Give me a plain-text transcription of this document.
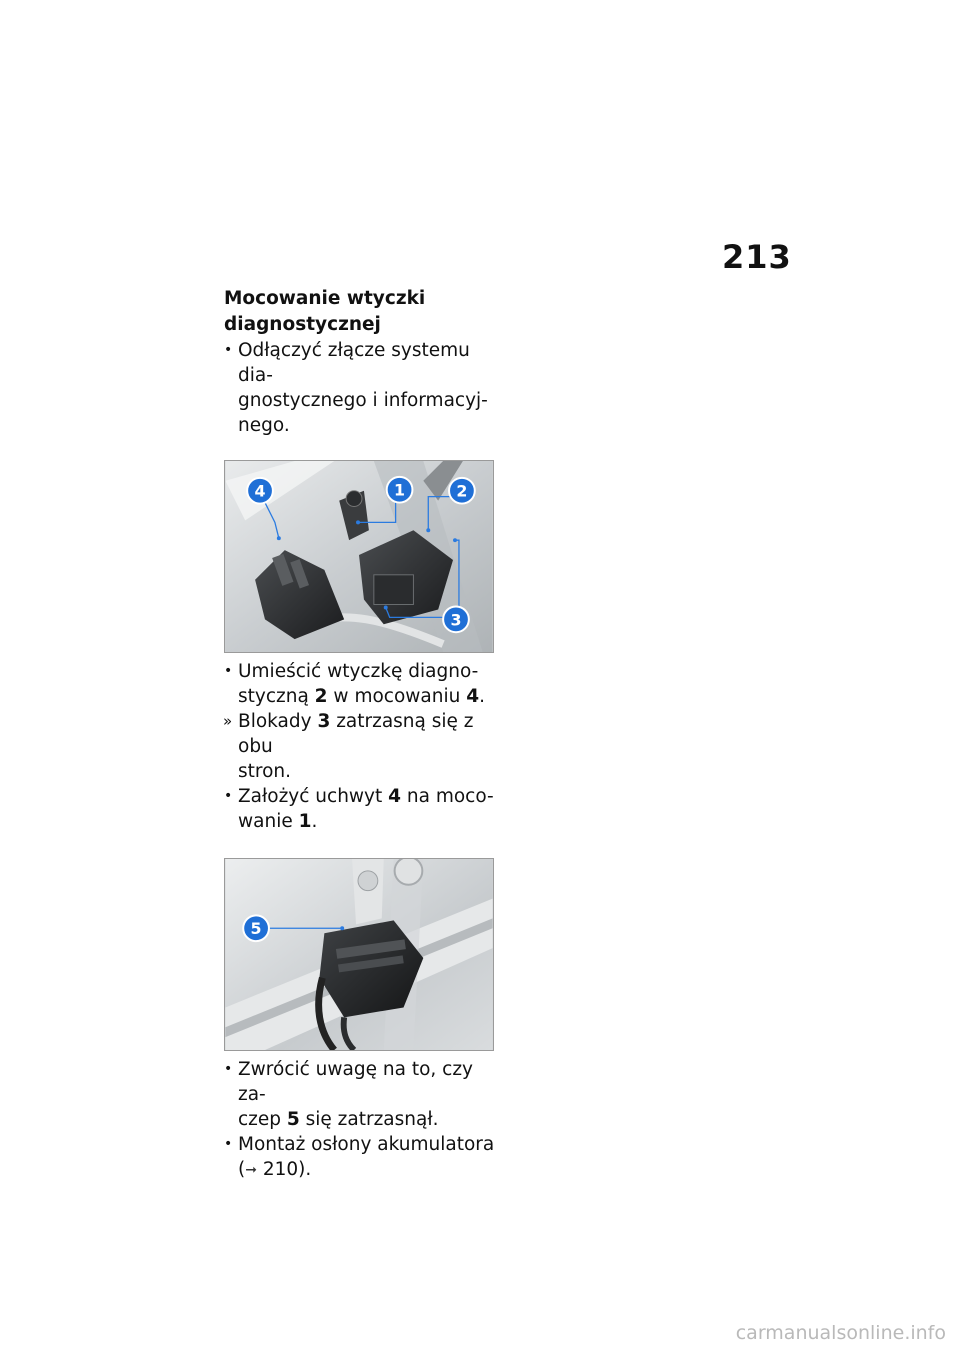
213
Mocowanie wtyczki
diagnostycznej
• Odłączyć złącze systemu dia-
gnostycznego i informacyj-
nego.
1	2
3
4
• Umieścić wtyczkę diagno-
styczną 2 w mocowaniu 4.
» Blokady 3 zatrzasną się z obu
stron.
• Założyć uchwyt 4 na moco-
wanie 1.
5
• Zwrócić uwagę na to, czy za-
czep 5 się zatrzasnął.
• Montaż osłony akumulatora
(➞ 210).
carmanualsonline.info
